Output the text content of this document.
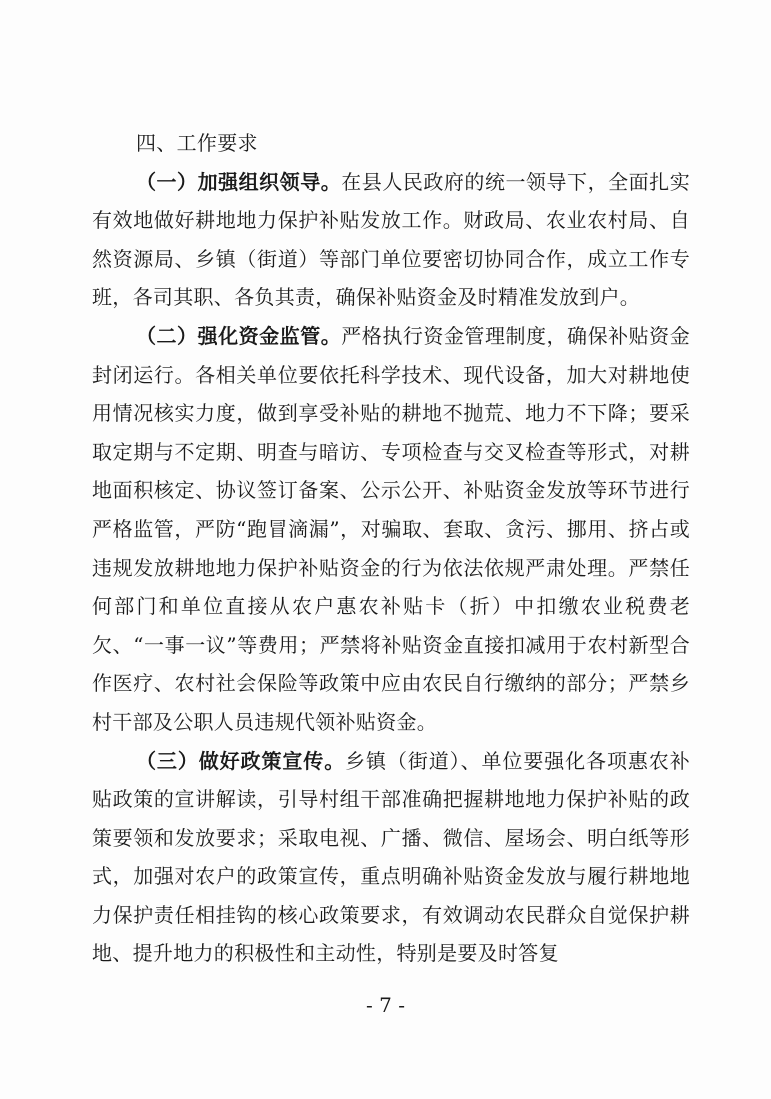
四、工作要求

（一）加强组织领导。在县人民政府的统一领导下，全面扎实有效地做好耕地地力保护补贴发放工作。财政局、农业农村局、自然资源局、乡镇（街道）等部门单位要密切协同合作，成立工作专班，各司其职、各负其责，确保补贴资金及时精准发放到户。

（二）强化资金监管。严格执行资金管理制度，确保补贴资金封闭运行。各相关单位要依托科学技术、现代设备，加大对耕地使用情况核实力度，做到享受补贴的耕地不抛荒、地力不下降；要采取定期与不定期、明查与暗访、专项检查与交叉检查等形式，对耕地面积核定、协议签订备案、公示公开、补贴资金发放等环节进行严格监管，严防“跑冒滴漏”，对骗取、套取、贪污、挪用、挤占或违规发放耕地地力保护补贴资金的行为依法依规严肃处理。严禁任何部门和单位直接从农户惠农补贴卡（折）中扣缴农业税费老欠、“一事一议”等费用；严禁将补贴资金直接扣减用于农村新型合作医疗、农村社会保险等政策中应由农民自行缴纳的部分；严禁乡村干部及公职人员违规代领补贴资金。

（三）做好政策宣传。乡镇（街道）、单位要强化各项惠农补贴政策的宣讲解读，引导村组干部准确把握耕地地力保护补贴的政策要领和发放要求；采取电视、广播、微信、屋场会、明白纸等形式，加强对农户的政策宣传，重点明确补贴资金发放与履行耕地地力保护责任相挂钩的核心政策要求，有效调动农民群众自觉保护耕地、提升地力的积极性和主动性，特别是要及时答复

- 7 -
